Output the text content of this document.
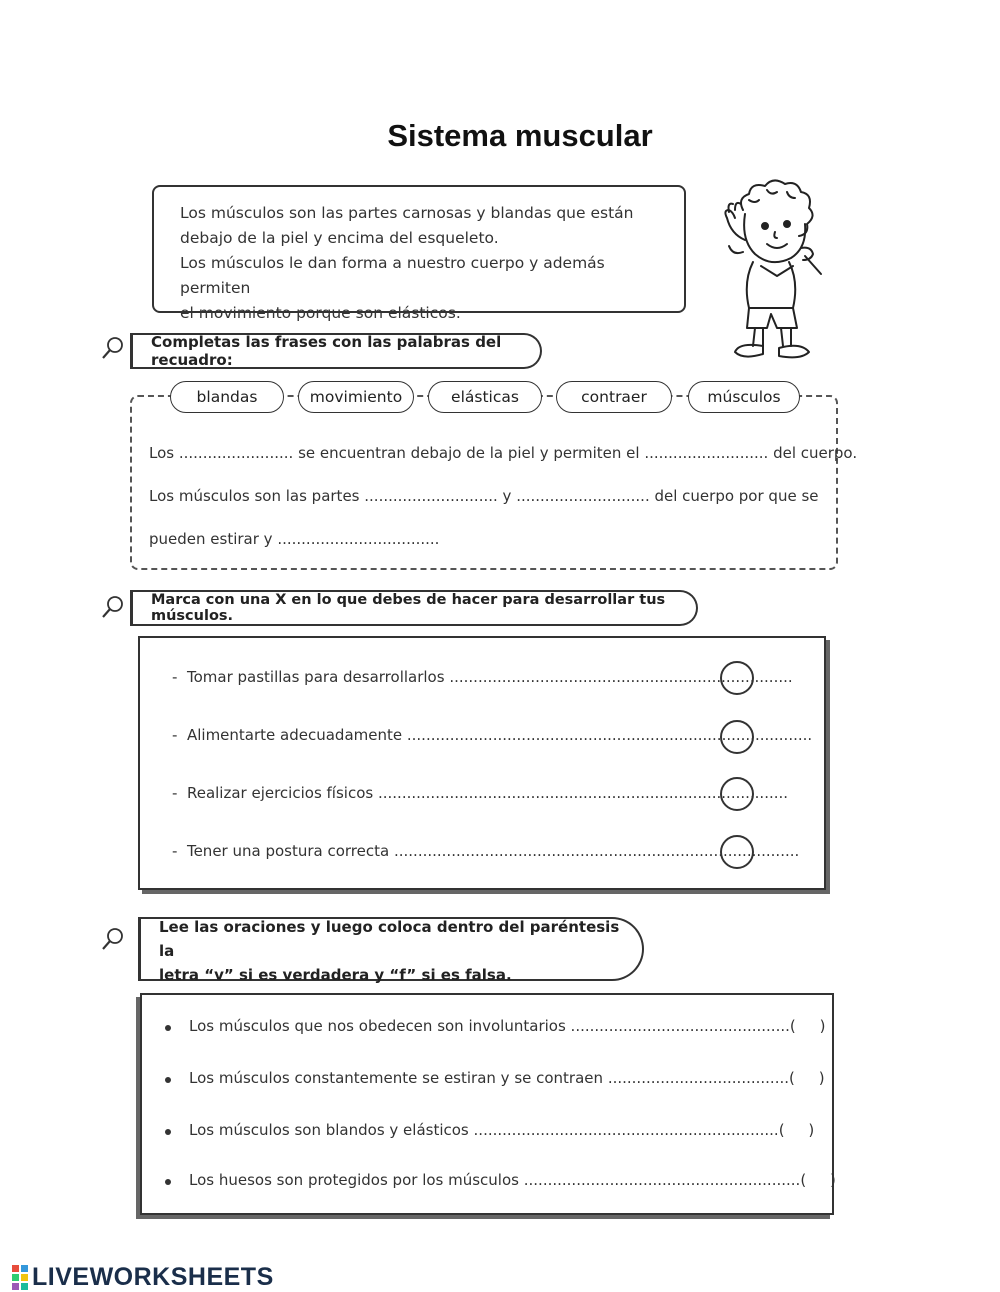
Sistema muscular
Los músculos son las partes carnosas y blandas que están
debajo de la piel y encima del esqueleto.
Los músculos le dan forma a nuestro cuerpo y además permiten
el movimiento porque son elásticos.
Completas las frases con las palabras del recuadro:
blandas	movimiento	elásticas	contraer	músculos
Los ........................ se encuentran debajo de la piel y permiten el .......................... del cuerpo.
Los músculos son las partes ............................ y ............................ del cuerpo por que se
pueden estirar y ..................................
Marca con una X en lo que debes de hacer para desarrollar tus músculos.
- Tomar pastillas para desarrollarlos ........................................................................
- Alimentarte adecuadamente .....................................................................................
- Realizar ejercicios físicos ......................................................................................
- Tener una postura correcta .....................................................................................
Lee las oraciones y luego coloca dentro del paréntesis la
letra “v” si es verdadera y “f” si es falsa.
Los músculos que nos obedecen son involuntarios ..............................................(     )
Los músculos constantemente se estiran y se contraen ......................................(     )
Los músculos son blandos y elásticos ................................................................(     )
Los huesos son protegidos por los músculos ..........................................................(     )
LIVEWORKSHEETS
